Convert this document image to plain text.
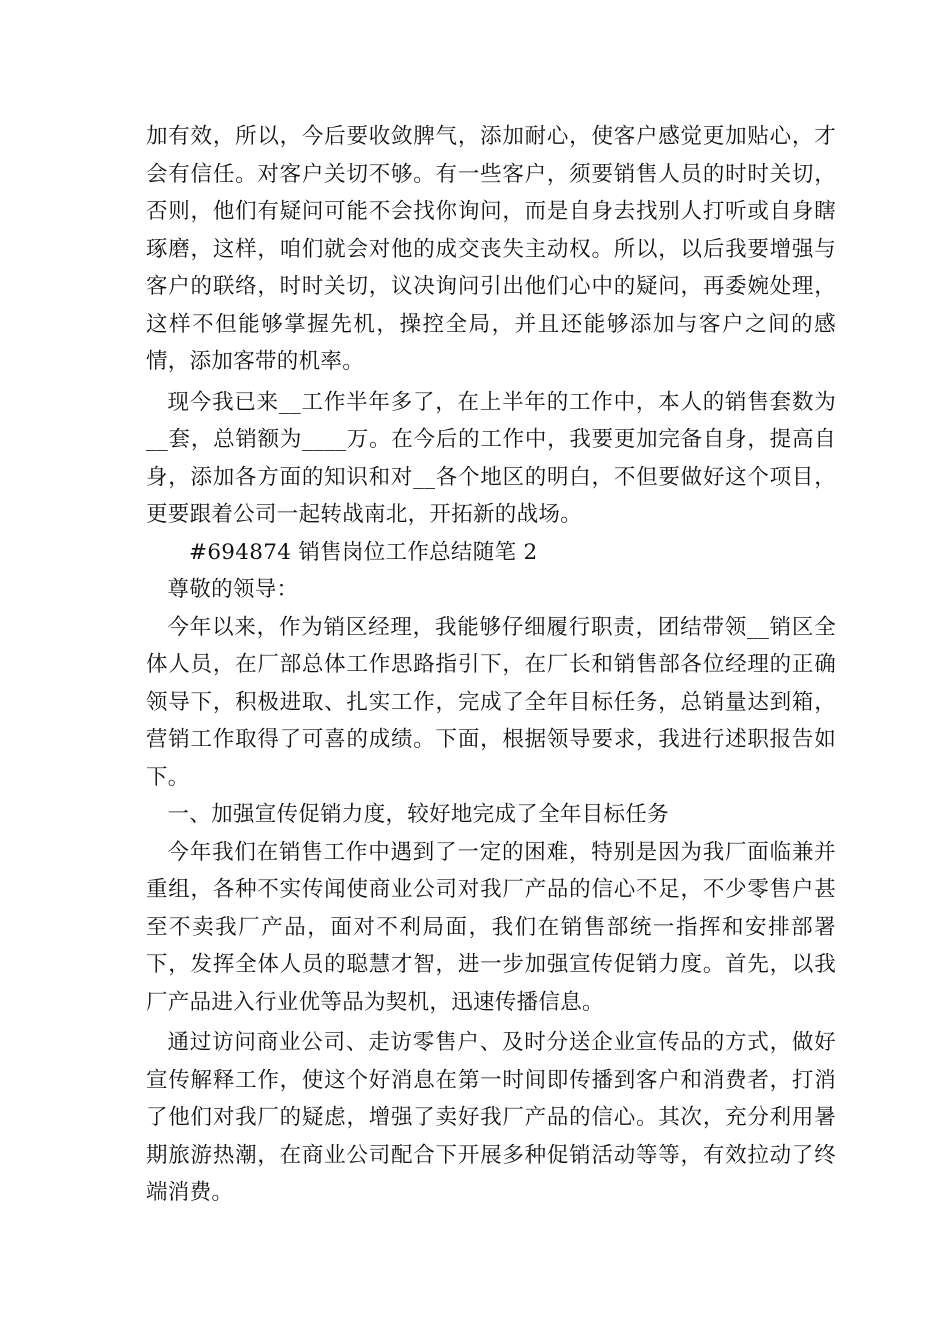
加有效，所以，今后要收敛脾气，添加耐心，使客户感觉更加贴心，才会有信任。对客户关切不够。有一些客户，须要销售人员的时时关切，否则，他们有疑问可能不会找你询问，而是自身去找别人打听或自身瞎琢磨，这样，咱们就会对他的成交丧失主动权。所以，以后我要增强与客户的联络，时时关切，议决询问引出他们心中的疑问，再委婉处理，这样不但能够掌握先机，操控全局，并且还能够添加与客户之间的感情，添加客带的机率。

现今我已来__工作半年多了，在上半年的工作中，本人的销售套数为__套，总销额为____万。在今后的工作中，我要更加完备自身，提高自身，添加各方面的知识和对__各个地区的明白，不但要做好这个项目，更要跟着公司一起转战南北，开拓新的战场。

#694874 销售岗位工作总结随笔 2

尊敬的领导：

今年以来，作为销区经理，我能够仔细履行职责，团结带领__销区全体人员，在厂部总体工作思路指引下，在厂长和销售部各位经理的正确领导下，积极进取、扎实工作，完成了全年目标任务，总销量达到箱，营销工作取得了可喜的成绩。下面，根据领导要求，我进行述职报告如下。

一、加强宣传促销力度，较好地完成了全年目标任务

今年我们在销售工作中遇到了一定的困难，特别是因为我厂面临兼并重组，各种不实传闻使商业公司对我厂产品的信心不足，不少零售户甚至不卖我厂产品，面对不利局面，我们在销售部统一指挥和安排部署下，发挥全体人员的聪慧才智，进一步加强宣传促销力度。首先，以我厂产品进入行业优等品为契机，迅速传播信息。

通过访问商业公司、走访零售户、及时分送企业宣传品的方式，做好宣传解释工作，使这个好消息在第一时间即传播到客户和消费者，打消了他们对我厂的疑虑，增强了卖好我厂产品的信心。其次，充分利用暑期旅游热潮，在商业公司配合下开展多种促销活动等等，有效拉动了终端消费。
